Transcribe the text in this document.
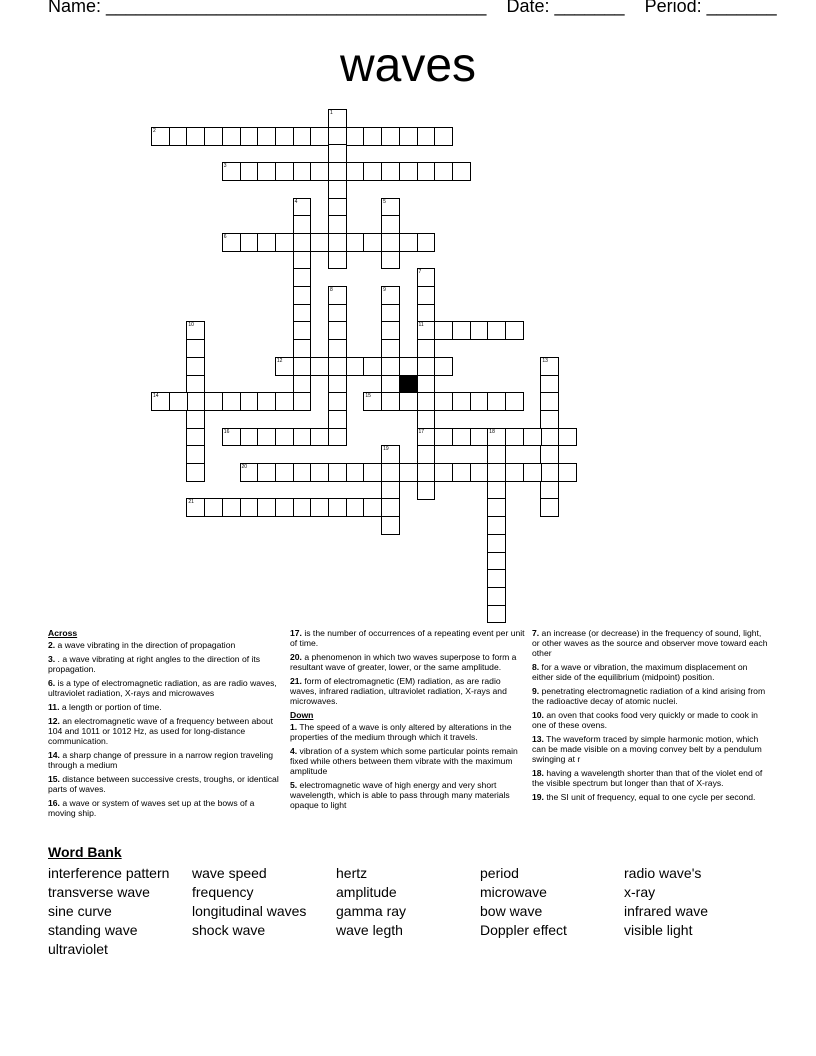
Name: ______________________________________ Date: _______ Period: _______
waves
1
2
3
4	5
6
7
11
17
8	9
10
12	13
14	15
16	18
19
20
21
Across
2. a wave vibrating in the direction of propagation
3. . a wave vibrating at right angles to the direction of its propagation.
6. is a type of electromagnetic radiation, as are radio waves, ultraviolet radiation, X-rays and microwaves
11. a length or portion of time.
12. an electromagnetic wave of a frequency between about 104 and 1011 or 1012 Hz, as used for long-distance communication.
14. a sharp change of pressure in a narrow region traveling through a medium
15. distance between successive crests, troughs, or identical parts of waves.
16. a wave or system of waves set up at the bows of a moving ship.
17. is the number of occurrences of a repeating event per unit of time.
20. a phenomenon in which two waves superpose to form a resultant wave of greater, lower, or the same amplitude.
21. form of electromagnetic (EM) radiation, as are radio waves, infrared radiation, ultraviolet radiation, X-rays and microwaves.
Down
1. The speed of a wave is only altered by alterations in the properties of the medium through which it travels.
4. vibration of a system which some particular points remain fixed while others between them vibrate with the maximum amplitude
5. electromagnetic wave of high energy and very short wavelength, which is able to pass through many materials opaque to light
7. an increase (or decrease) in the frequency of sound, light, or other waves as the source and observer move toward each other
8. for a wave or vibration, the maximum displacement on either side of the equilibrium (midpoint) position.
9. penetrating electromagnetic radiation of a kind arising from the radioactive decay of atomic nuclei.
10. an oven that cooks food very quickly or made to cook in one of these ovens.
13. The waveform traced by simple harmonic motion, which can be made visible on a moving convey belt by a pendulum swinging at r
18. having a wavelength shorter than that of the violet end of the visible spectrum but longer than that of X-rays.
19. the SI unit of frequency, equal to one cycle per second.
Word Bank
interference pattern	wave speed	hertz	period	radio wave's
transverse wave	frequency	amplitude	microwave	x-ray
sine curve	longitudinal waves	gamma ray	bow wave	infrared wave
standing wave	shock wave	wave legth	Doppler effect	visible light
ultraviolet
